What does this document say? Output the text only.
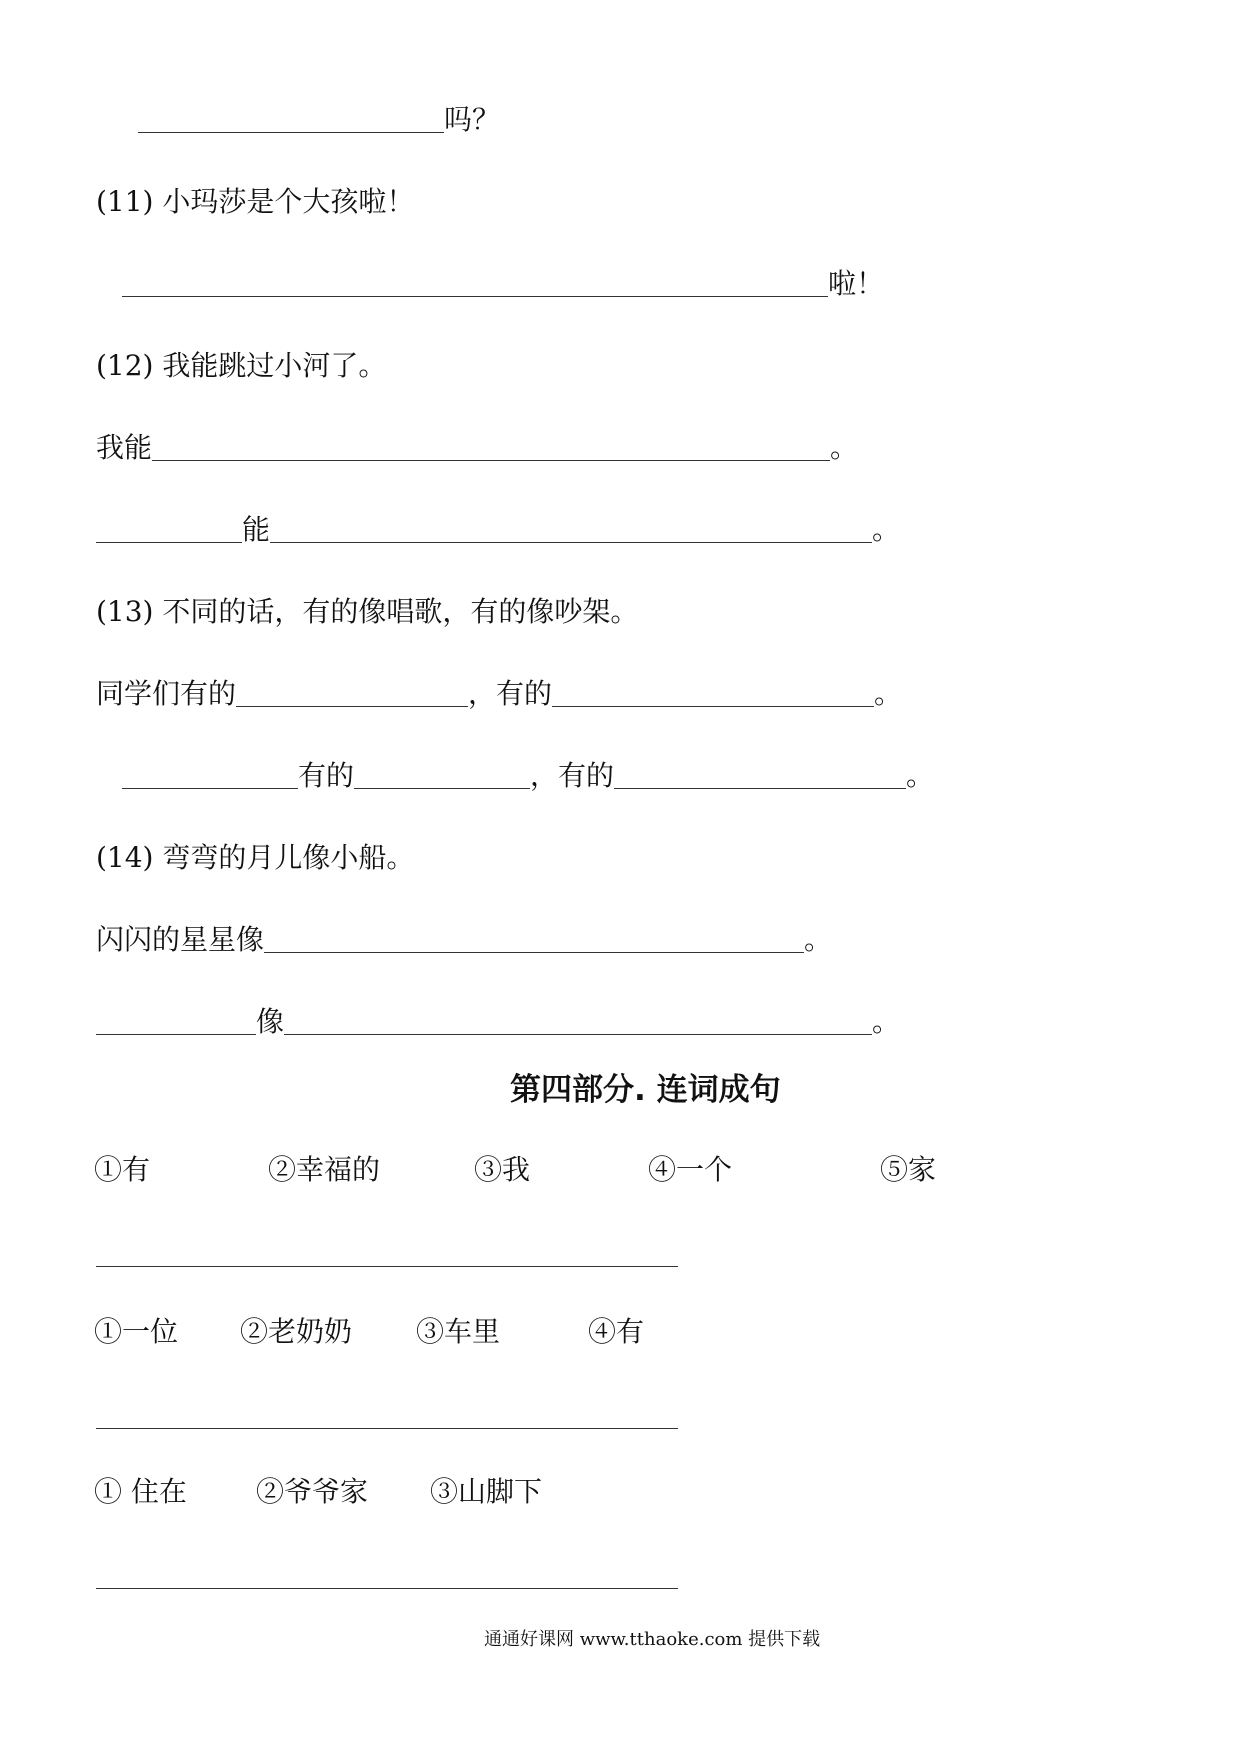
吗？
(11) 小玛莎是个大孩啦！
啦！
(12) 我能跳过小河了。
我能	。
能	。
(13) 不同的话，有的像唱歌，有的像吵架。
同学们有的	，有的	。
有的	，有的	。
(14) 弯弯的月儿像小船。
闪闪的星星像	。
像	。
第四部分. 连词成句
①有	②幸福的	③我	④一个	⑤家
①一位 ②老奶奶 ③车里	④有
① 住在 ②爷爷家 ③山脚下
通通好课网 www.tthaoke.com 提供下载
